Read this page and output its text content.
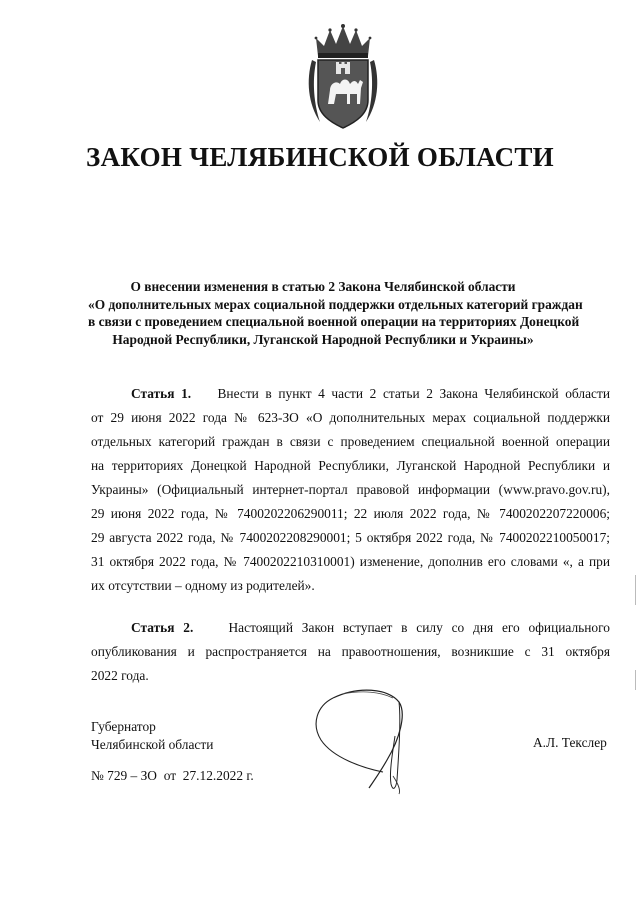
ЗАКОН ЧЕЛЯБИНСКОЙ ОБЛАСТИ
О внесении изменения в статью 2 Закона Челябинской области
«О дополнительных мерах социальной поддержки отдельных категорий граждан
в связи с проведением специальной военной операции на территориях Донецкой
Народной Республики, Луганской Народной Республики и Украины»
Статья 1. Внести в пункт 4 части 2 статьи 2 Закона Челябинской области
от 29 июня 2022 года № 623-ЗО «О дополнительных мерах социальной поддержки
отдельных категорий граждан в связи с проведением специальной военной операции
на территориях Донецкой Народной Республики, Луганской Народной Республики и
Украины» (Официальный интернет-портал правовой информации (www.pravo.gov.ru),
29 июня 2022 года, № 7400202206290011; 22 июля 2022 года, № 7400202207220006;
29 августа 2022 года, № 7400202208290001; 5 октября 2022 года, № 7400202210050017;
31 октября 2022 года, № 7400202210310001) изменение, дополнив его словами «, а при
их отсутствии – одному из родителей».
Статья 2.	Настоящий Закон вступает в силу со дня его официального
опубликования и распространяется на правоотношения, возникшие с 31 октября
2022 года.
Губернатор
Челябинской области	А.Л. Текслер
№ 729 – ЗО от 27.12.2022 г.
